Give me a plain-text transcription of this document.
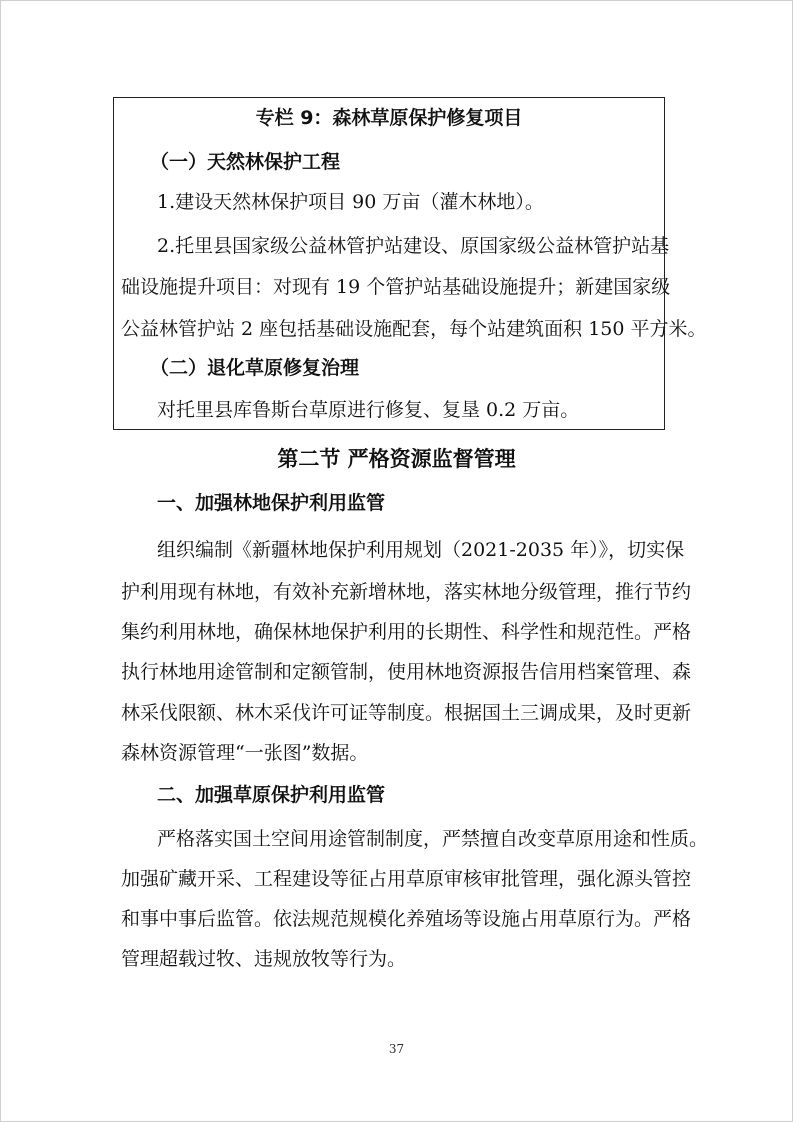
专栏 9：森林草原保护修复项目
（一）天然林保护工程
1.建设天然林保护项目 90 万亩（灌木林地）。
2.托里县国家级公益林管护站建设、原国家级公益林管护站基
础设施提升项目：对现有 19 个管护站基础设施提升；新建国家级
公益林管护站 2 座包括基础设施配套，每个站建筑面积 150 平方米。
（二）退化草原修复治理
对托里县库鲁斯台草原进行修复、复垦 0.2 万亩。
第二节 严格资源监督管理
一、加强林地保护利用监管
组织编制《新疆林地保护利用规划（2021-2035 年）》，切实保
护利用现有林地，有效补充新增林地，落实林地分级管理，推行节约
集约利用林地，确保林地保护利用的长期性、科学性和规范性。严格
执行林地用途管制和定额管制，使用林地资源报告信用档案管理、森
林采伐限额、林木采伐许可证等制度。根据国土三调成果，及时更新
森林资源管理“一张图”数据。
二、加强草原保护利用监管
严格落实国土空间用途管制制度，严禁擅自改变草原用途和性质。
加强矿藏开采、工程建设等征占用草原审核审批管理，强化源头管控
和事中事后监管。依法规范规模化养殖场等设施占用草原行为。严格
管理超载过牧、违规放牧等行为。
37
